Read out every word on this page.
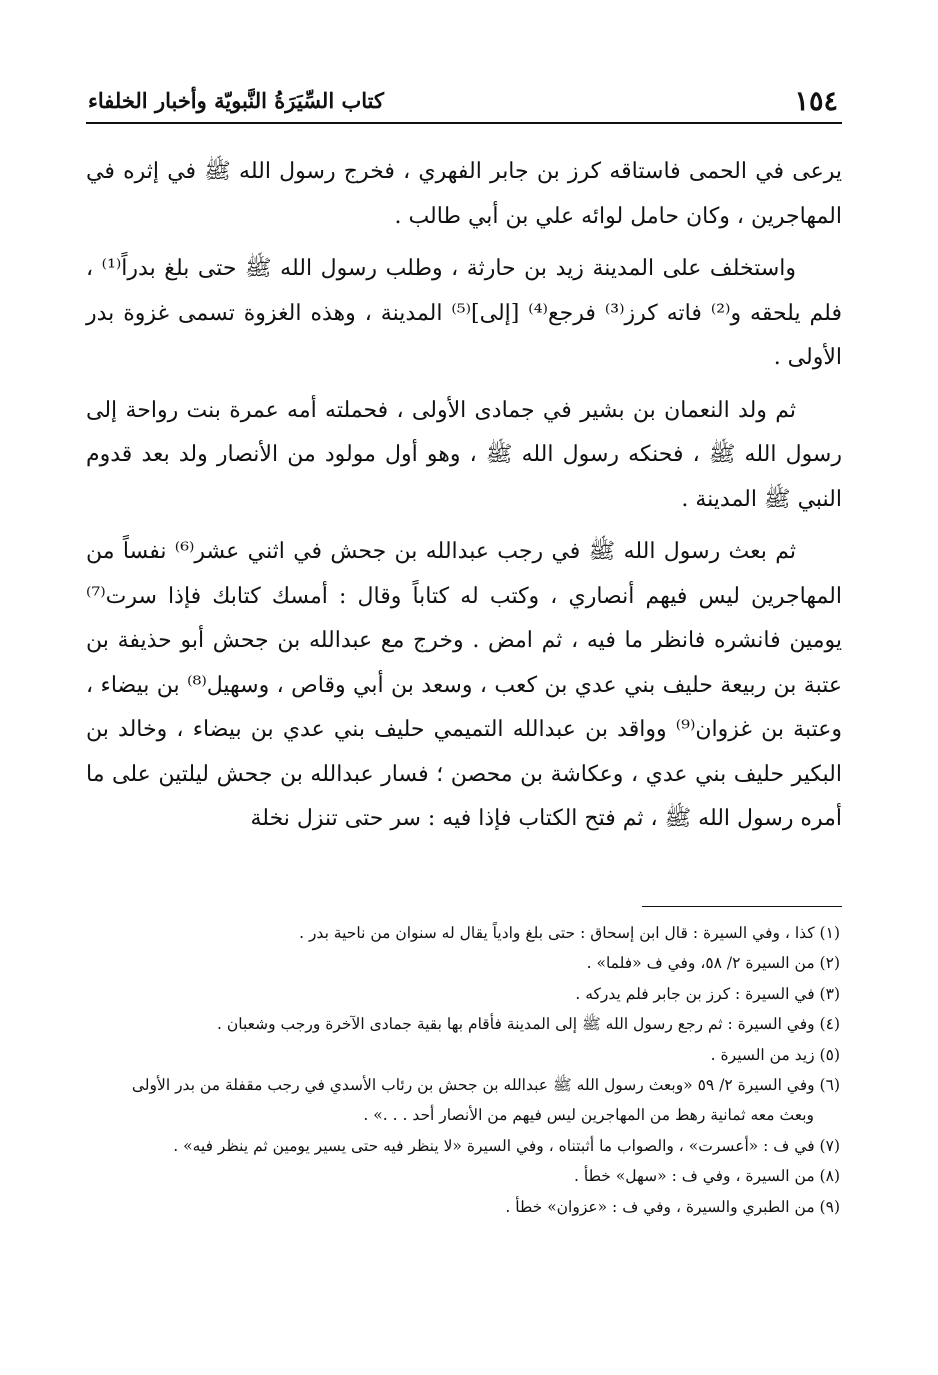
١٥٤
كتاب السِّيَرَةُ النَّبويّة وأخبار الخلفاء

يرعى في الحمى فاستاقه كرز بن جابر الفهري ، فخرج رسول الله ﷺ في إثره في المهاجرين ، وكان حامل لوائه علي بن أبي طالب .

واستخلف على المدينة زيد بن حارثة ، وطلب رسول الله ﷺ حتى بلغ بدراً⁽¹⁾ ، فلم يلحقه و⁽²⁾ فاته كرز⁽³⁾ فرجع⁽⁴⁾ [إلى]⁽⁵⁾ المدينة ، وهذه الغزوة تسمى غزوة بدر الأولى .

ثم ولد النعمان بن بشير في جمادى الأولى ، فحملته أمه عمرة بنت رواحة إلى رسول الله ﷺ ، فحنكه رسول الله ﷺ ، وهو أول مولود من الأنصار ولد بعد قدوم النبي ﷺ المدينة .

ثم بعث رسول الله ﷺ في رجب عبدالله بن جحش في اثني عشر⁽⁶⁾ نفساً من المهاجرين ليس فيهم أنصاري ، وكتب له كتاباً وقال : أمسك كتابك فإذا سرت⁽⁷⁾ يومين فانشره فانظر ما فيه ، ثم امض . وخرج مع عبدالله بن جحش أبو حذيفة بن عتبة بن ربيعة حليف بني عدي بن كعب ، وسعد بن أبي وقاص ، وسهيل⁽⁸⁾ بن بيضاء ، وعتبة بن غزوان⁽⁹⁾ وواقد بن عبدالله التميمي حليف بني عدي بن بيضاء ، وخالد بن البكير حليف بني عدي ، وعكاشة بن محصن ؛ فسار عبدالله بن جحش ليلتين على ما أمره رسول الله ﷺ ، ثم فتح الكتاب فإذا فيه : سر حتى تنزل نخلة

(١) كذا ، وفي السيرة : قال ابن إسحاق : حتى بلغ وادياً يقال له سنوان من ناحية بدر .
(٢) من السيرة ٢/ ٥٨، وفي ف «فلما» .
(٣) في السيرة : كرز بن جابر فلم يدركه .
(٤) وفي السيرة : ثم رجع رسول الله ﷺ إلى المدينة فأقام بها بقية جمادى الآخرة ورجب وشعبان .
(٥) زيد من السيرة .
(٦) وفي السيرة ٢/ ٥٩ «وبعث رسول الله ﷺ عبدالله بن جحش بن رئاب الأسدي في رجب مقفلة من بدر الأولى وبعث معه ثمانية رهط من المهاجرين ليس فيهم من الأنصار أحد . . .» .
(٧) في ف : «أعسرت» ، والصواب ما أثبتناه ، وفي السيرة «لا ينظر فيه حتى يسير يومين ثم ينظر فيه» .
(٨) من السيرة ، وفي ف : «سهل» خطأ .
(٩) من الطبري والسيرة ، وفي ف : «عزوان» خطأ .
